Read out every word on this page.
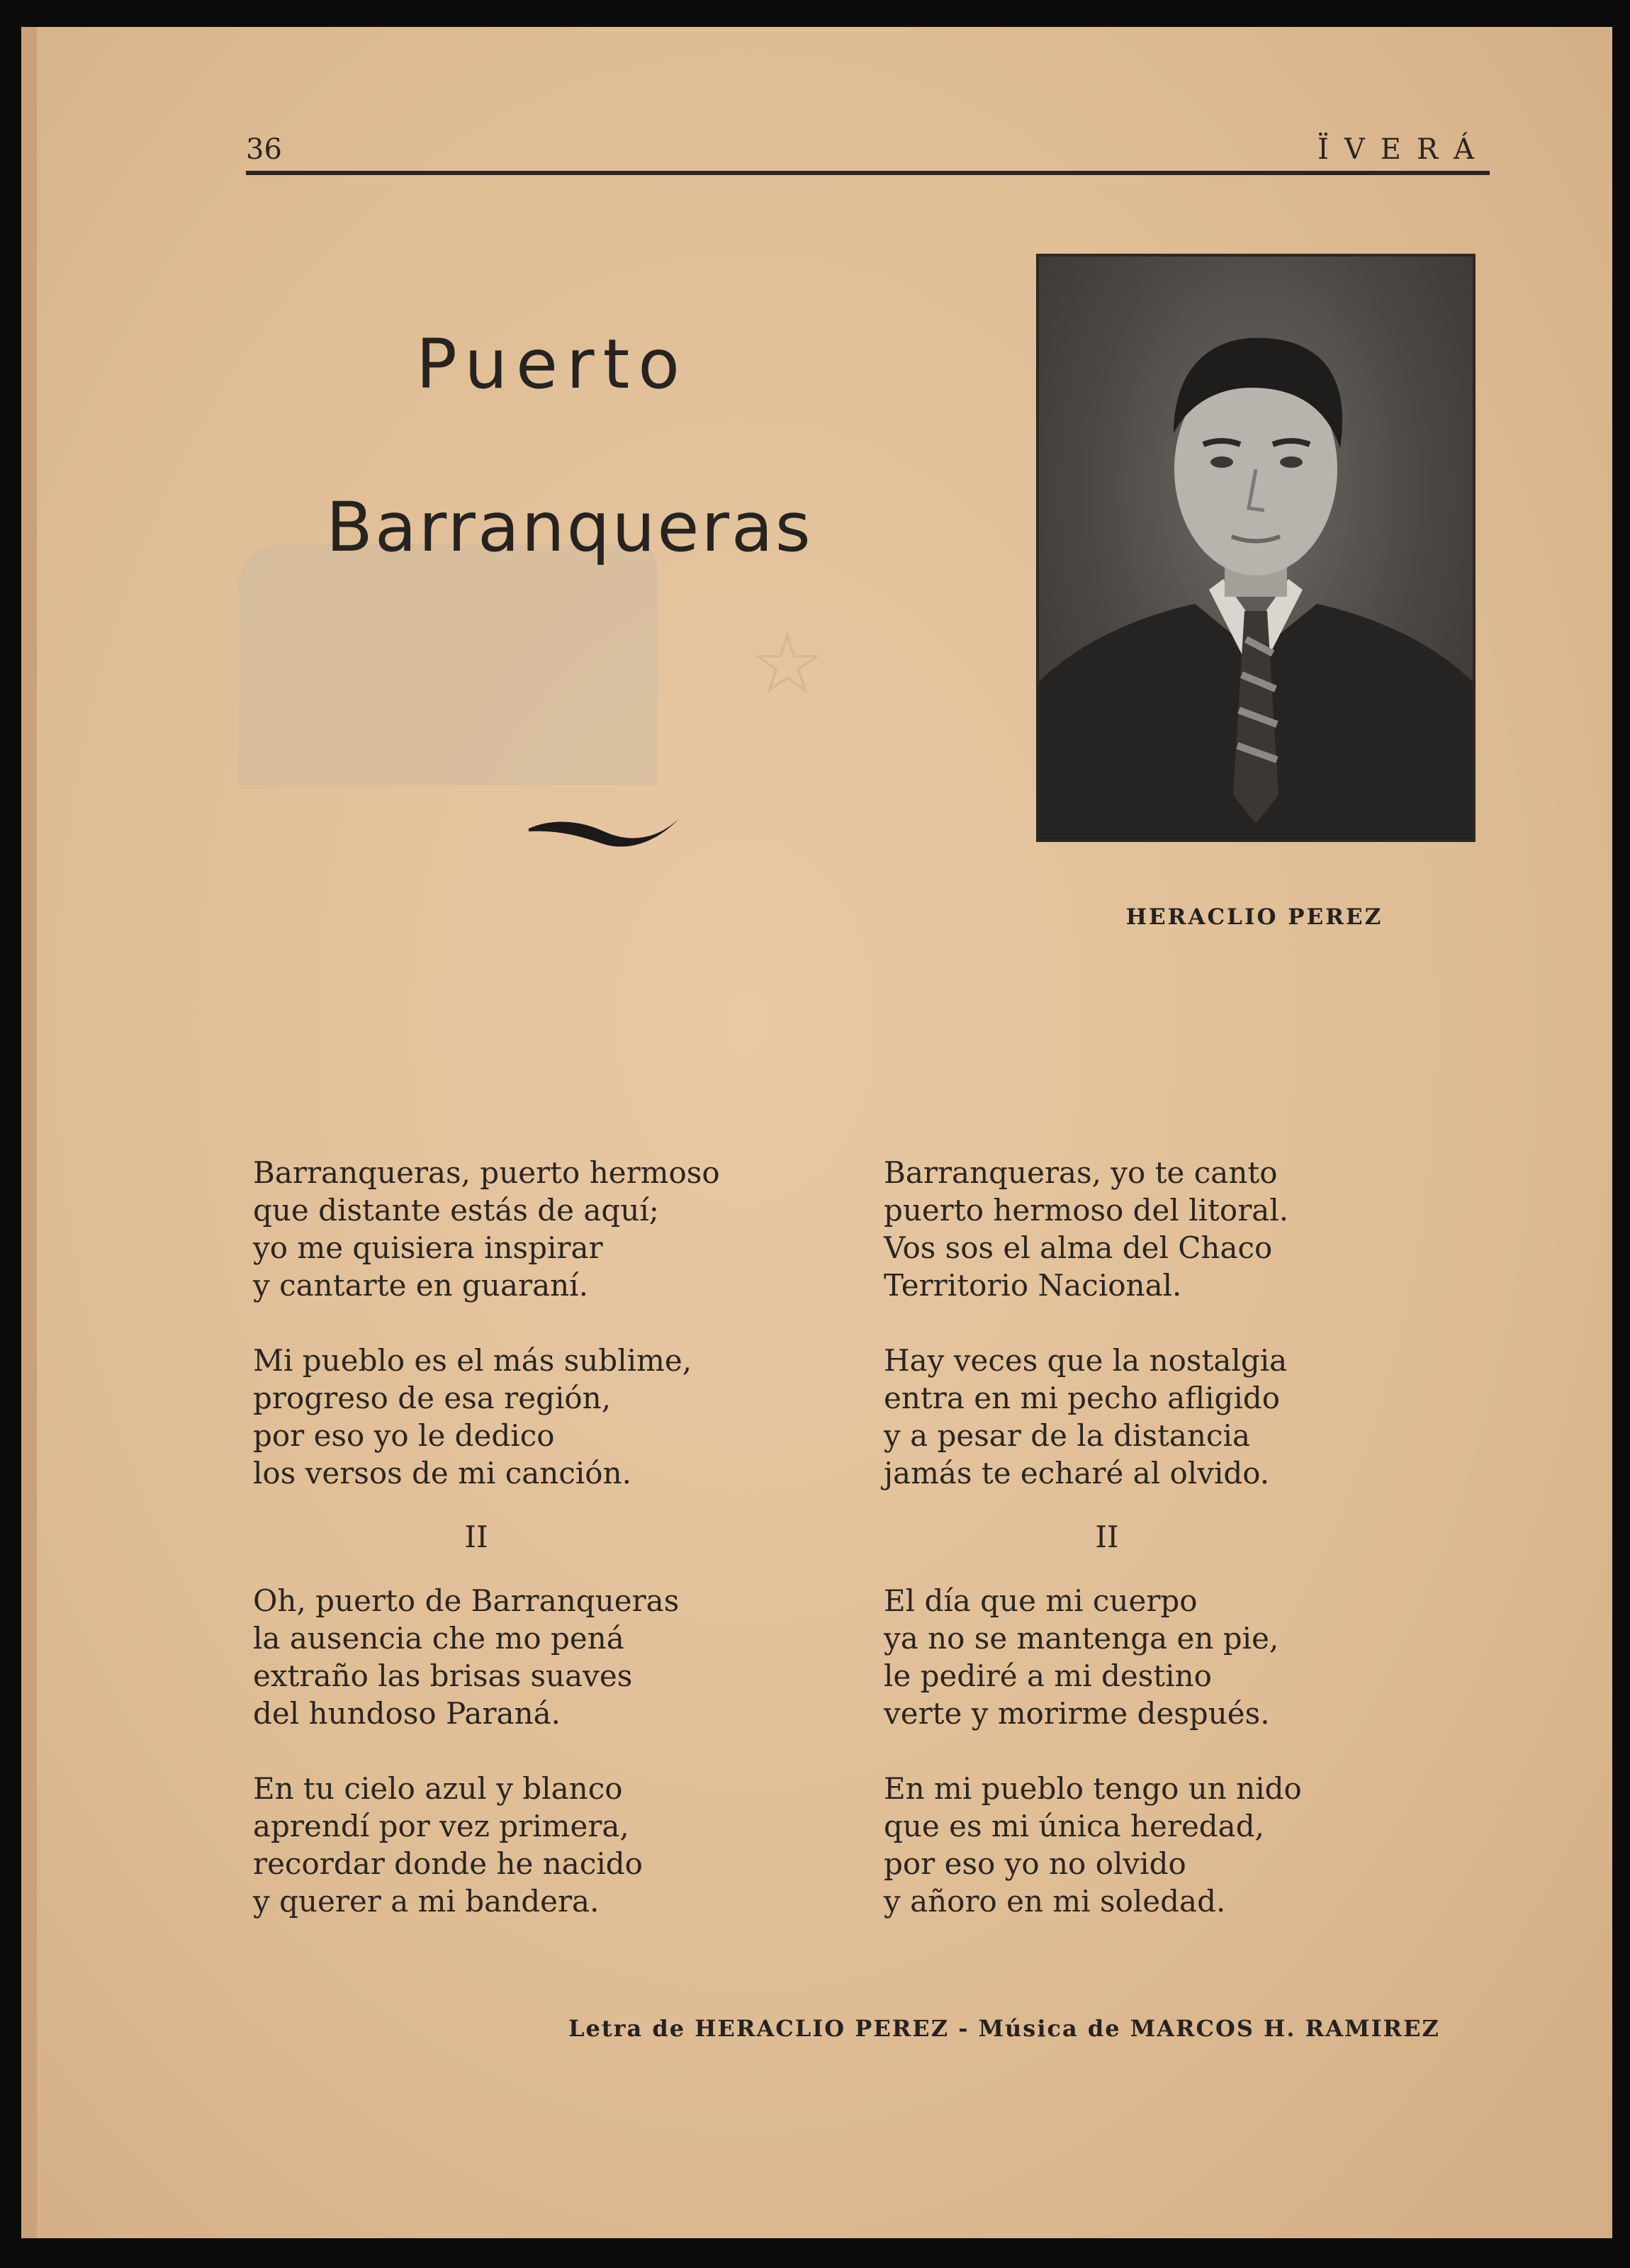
36	ÏVERÁ
☆
Puerto
Barranqueras
HERACLIO PEREZ
Barranqueras, puerto hermoso
que distante estás de aquí;
yo me quisiera inspirar
y cantarte en guaraní.
Mi pueblo es el más sublime,
progreso de esa región,
por eso yo le dedico
los versos de mi canción.
II
Oh, puerto de Barranqueras
la ausencia che mo pená
extraño las brisas suaves
del hundoso Paraná.
En tu cielo azul y blanco
aprendí por vez primera,
recordar donde he nacido
y querer a mi bandera.
Barranqueras, yo te canto
puerto hermoso del litoral.
Vos sos el alma del Chaco
Territorio Nacional.
Hay veces que la nostalgia
entra en mi pecho afligido
y a pesar de la distancia
jamás te echaré al olvido.
II
El día que mi cuerpo
ya no se mantenga en pie,
le pediré a mi destino
verte y morirme después.
En mi pueblo tengo un nido
que es mi única heredad,
por eso yo no olvido
y añoro en mi soledad.
Letra de HERACLIO PEREZ - Música de MARCOS H. RAMIREZ
